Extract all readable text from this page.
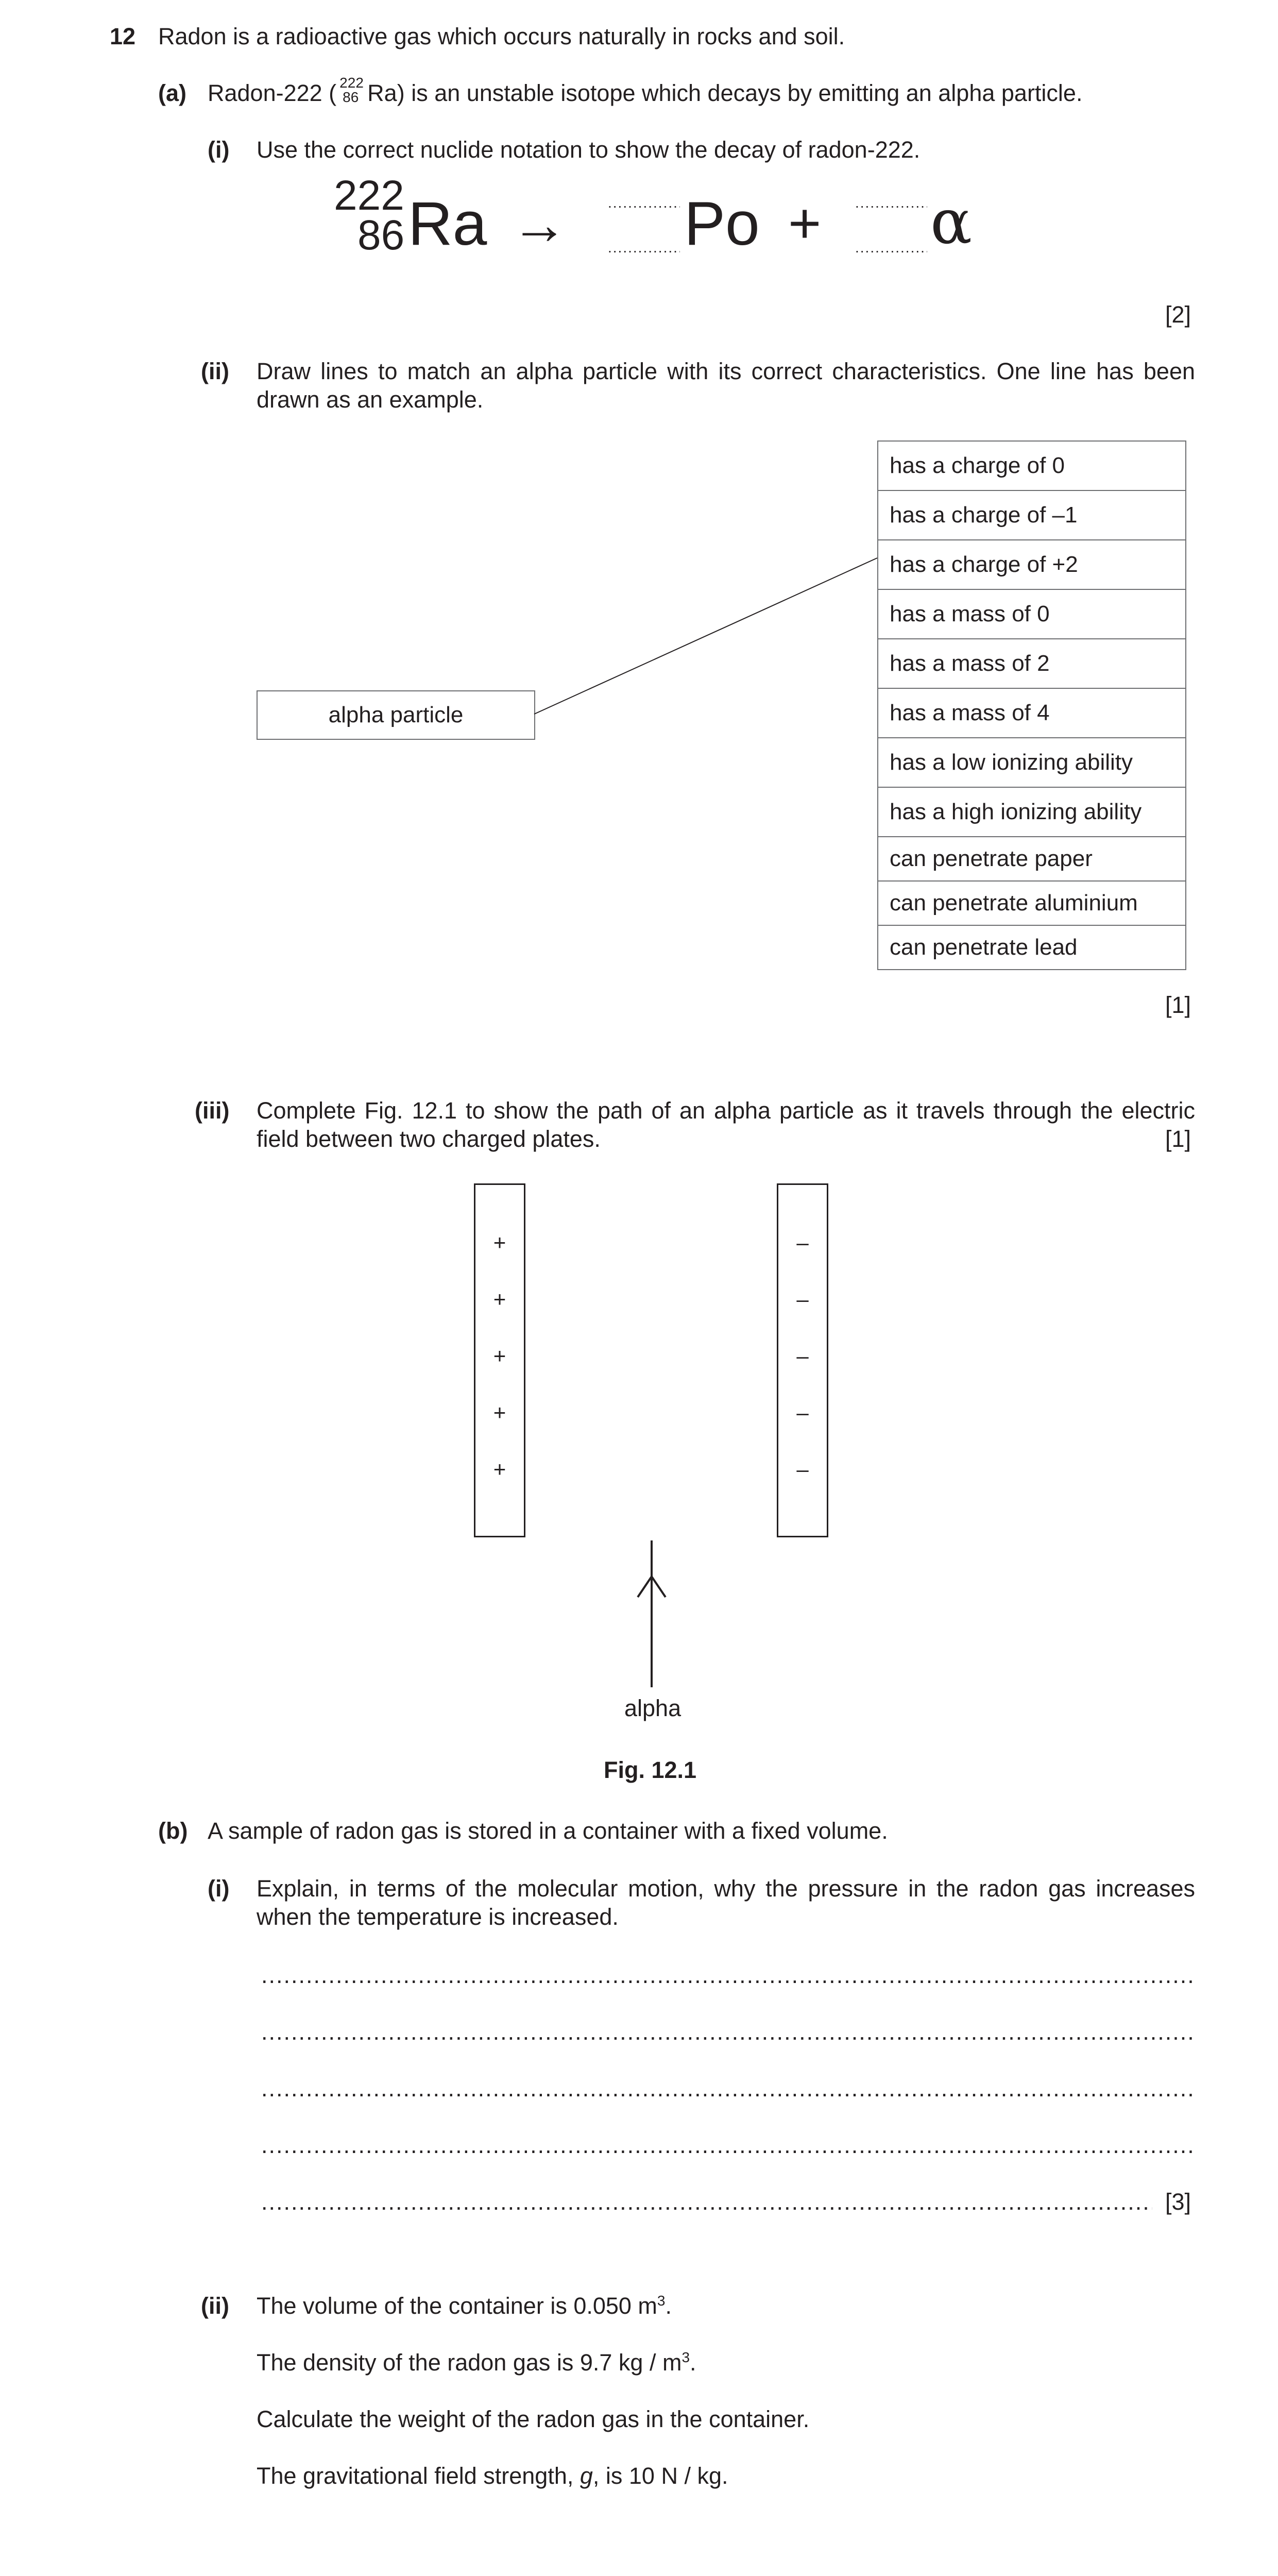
12 Radon is a radioactive gas which occurs naturally in rocks and soil.
(a) Radon-222 ( 222
86 Ra) is an unstable isotope which decays by emitting an alpha particle.
(i) Use the correct nuclide notation to show the decay of radon-222.
222
86 Ra → ..... ..... Po + ..... ..... α
[2]
(ii) Draw lines to match an alpha particle with its correct characteristics. One line has been
drawn as an example.
alpha particle
has a charge of 0
has a charge of –1
has a charge of +2
has a mass of 0
has a mass of 2
has a mass of 4
has a low ionizing ability
has a high ionizing ability
can penetrate paper
can penetrate aluminium
can penetrate lead
[1]
(iii) Complete Fig. 12.1 to show the path of an alpha particle as it travels through the electric
field between two charged plates.	[1]
+
+
+
+
+
–
–
–
–
–
alpha
Fig. 12.1
(b) A sample of radon gas is stored in a container with a fixed volume.
(i) Explain, in terms of the molecular motion, why the pressure in the radon gas increases
when the temperature is increased.
.....
.....
.....
.....
.....
[3]
(ii) The volume of the container is 0.050 $m^3$.
The density of the radon gas is 9.7 kg / $m^3$.
Calculate the weight of the radon gas in the container.
The gravitational field strength, g, is 10 N / kg.
